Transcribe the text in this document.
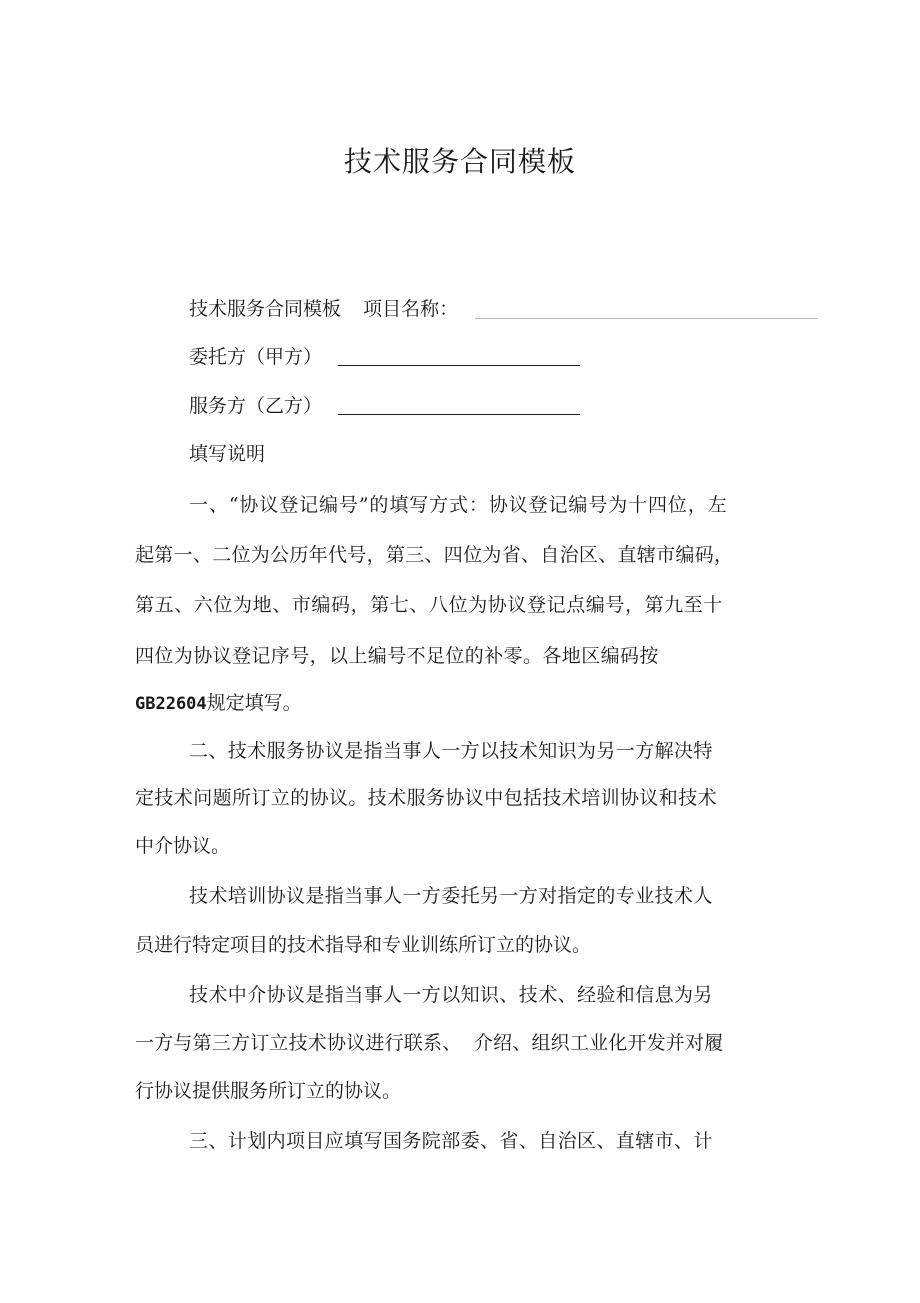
技术服务合同模板
技术服务合同模板 项目名称：
委托方（甲方）
服务方（乙方）
填写说明
一、“协议登记编号”的填写方式：协议登记编号为十四位，左
起第一、二位为公历年代号，第三、四位为省、自治区、直辖市编码，
第五、六位为地、市编码，第七、八位为协议登记点编号，第九至十
四位为协议登记序号，以上编号不足位的补零。各地区编码按
GB22604规定填写。
二、技术服务协议是指当事人一方以技术知识为另一方解决特
定技术问题所订立的协议。技术服务协议中包括技术培训协议和技术
中介协议。
技术培训协议是指当事人一方委托另一方对指定的专业技术人
员进行特定项目的技术指导和专业训练所订立的协议。
技术中介协议是指当事人一方以知识、技术、经验和信息为另
一方与第三方订立技术协议进行联系、  介绍、组织工业化开发并对履
行协议提供服务所订立的协议。
三、计划内项目应填写国务院部委、省、自治区、直辖市、计
